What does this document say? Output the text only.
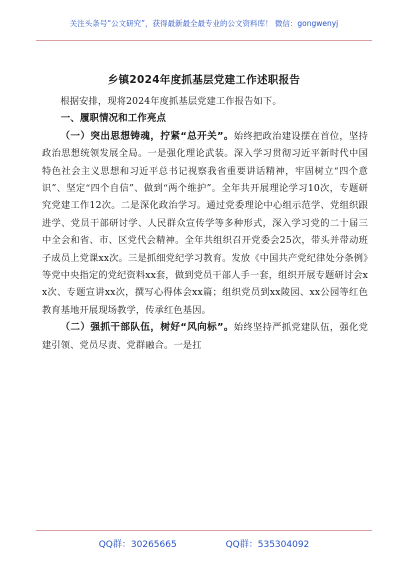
关注头条号“公文研究”，获得最新最全最专业的公文资料库！ 微信：gongwenyj
乡镇2024年度抓基层党建工作述职报告

根据安排，现将2024年度抓基层党建工作报告如下。

一、履职情况和工作亮点

（一）突出思想铸魂，拧紧“总开关”。始终把政治建设摆在首位，坚持政治思想统领发展全局。一是强化理论武装。深入学习贯彻习近平新时代中国特色社会主义思想和习近平总书记视察我省重要讲话精神，牢固树立“四个意识”、坚定“四个自信”、做到“两个维护”。全年共开展理论学习10次，专题研究党建工作12次。二是深化政治学习。通过党委理论中心组示范学、党组织跟进学、党员干部研讨学、人民群众宣传学等多种形式，深入学习党的二十届三中全会和省、市、区党代会精神。全年共组织召开党委会25次，带头并带动班子成员上党课xx次。三是抓细党纪学习教育。发放《中国共产党纪律处分条例》等党中央指定的党纪资料xx套，做到党员干部人手一套，组织开展专题研讨会xx次、专题宣讲xx次，撰写心得体会xx篇；组织党员到xx陵园、xx公园等红色教育基地开展现场教学，传承红色基因。

（二）强抓干部队伍，树好“风向标”。始终坚持严抓党建队伍，强化党建引领、党员尽责、党群融合。一是扛

QQ群：30265665	QQ群：535304092
